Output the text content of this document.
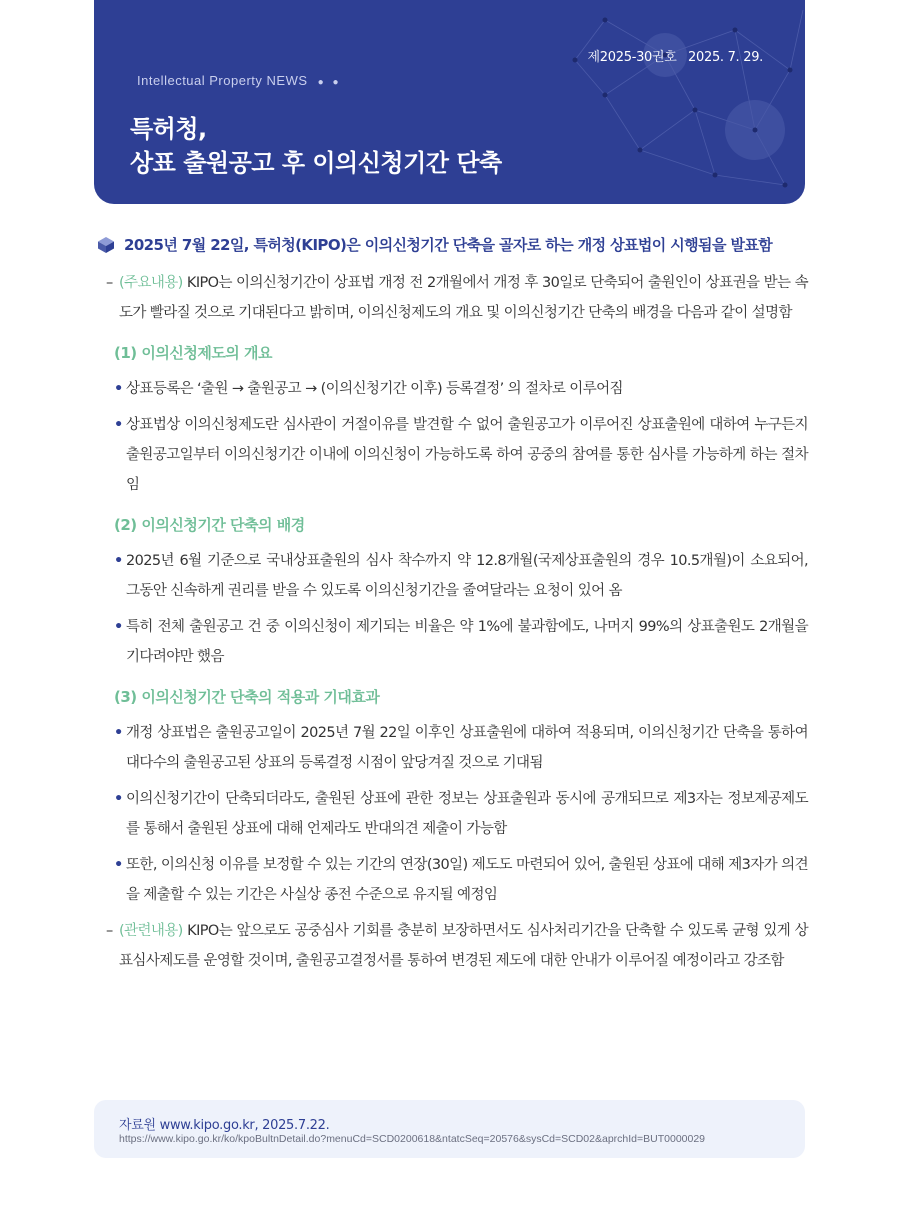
제2025-30권호   2025. 7. 29.
Intellectual Property NEWS ● ●
특허청,
상표 출원공고 후 이의신청기간 단축
2025년 7월 22일, 특허청(KIPO)은 이의신청기간 단축을 골자로 하는 개정 상표법이 시행됨을 발표함
– (주요내용) KIPO는 이의신청기간이 상표법 개정 전 2개월에서 개정 후 30일로 단축되어 출원인이 상표권을 받는 속도가 빨라질 것으로 기대된다고 밝히며, 이의신청제도의 개요 및 이의신청기간 단축의 배경을 다음과 같이 설명함
(1) 이의신청제도의 개요
• 상표등록은 ‘출원 → 출원공고 → (이의신청기간 이후) 등록결정’ 의 절차로 이루어짐
• 상표법상 이의신청제도란 심사관이 거절이유를 발견할 수 없어 출원공고가 이루어진 상표출원에 대하여 누구든지 출원공고일부터 이의신청기간 이내에 이의신청이 가능하도록 하여 공중의 참여를 통한 심사를 가능하게 하는 절차임
(2) 이의신청기간 단축의 배경
• 2025년 6월 기준으로 국내상표출원의 심사 착수까지 약 12.8개월(국제상표출원의 경우 10.5개월)이 소요되어, 그동안 신속하게 권리를 받을 수 있도록 이의신청기간을 줄여달라는 요청이 있어 옴
• 특히 전체 출원공고 건 중 이의신청이 제기되는 비율은 약 1%에 불과함에도, 나머지 99%의 상표출원도 2개월을 기다려야만 했음
(3) 이의신청기간 단축의 적용과 기대효과
• 개정 상표법은 출원공고일이 2025년 7월 22일 이후인 상표출원에 대하여 적용되며, 이의신청기간 단축을 통하여 대다수의 출원공고된 상표의 등록결정 시점이 앞당겨질 것으로 기대됨
• 이의신청기간이 단축되더라도, 출원된 상표에 관한 정보는 상표출원과 동시에 공개되므로 제3자는 정보제공제도를 통해서 출원된 상표에 대해 언제라도 반대의견 제출이 가능함
• 또한, 이의신청 이유를 보정할 수 있는 기간의 연장(30일) 제도도 마련되어 있어, 출원된 상표에 대해 제3자가 의견을 제출할 수 있는 기간은 사실상 종전 수준으로 유지될 예정임
– (관련내용) KIPO는 앞으로도 공중심사 기회를 충분히 보장하면서도 심사처리기간을 단축할 수 있도록 균형 있게 상표심사제도를 운영할 것이며, 출원공고결정서를 통하여 변경된 제도에 대한 안내가 이루어질 예정이라고 강조함
자료원 www.kipo.go.kr, 2025.7.22.
https://www.kipo.go.kr/ko/kpoBultnDetail.do?menuCd=SCD0200618&ntatcSeq=20576&sysCd=SCD02&aprchId=BUT0000029
